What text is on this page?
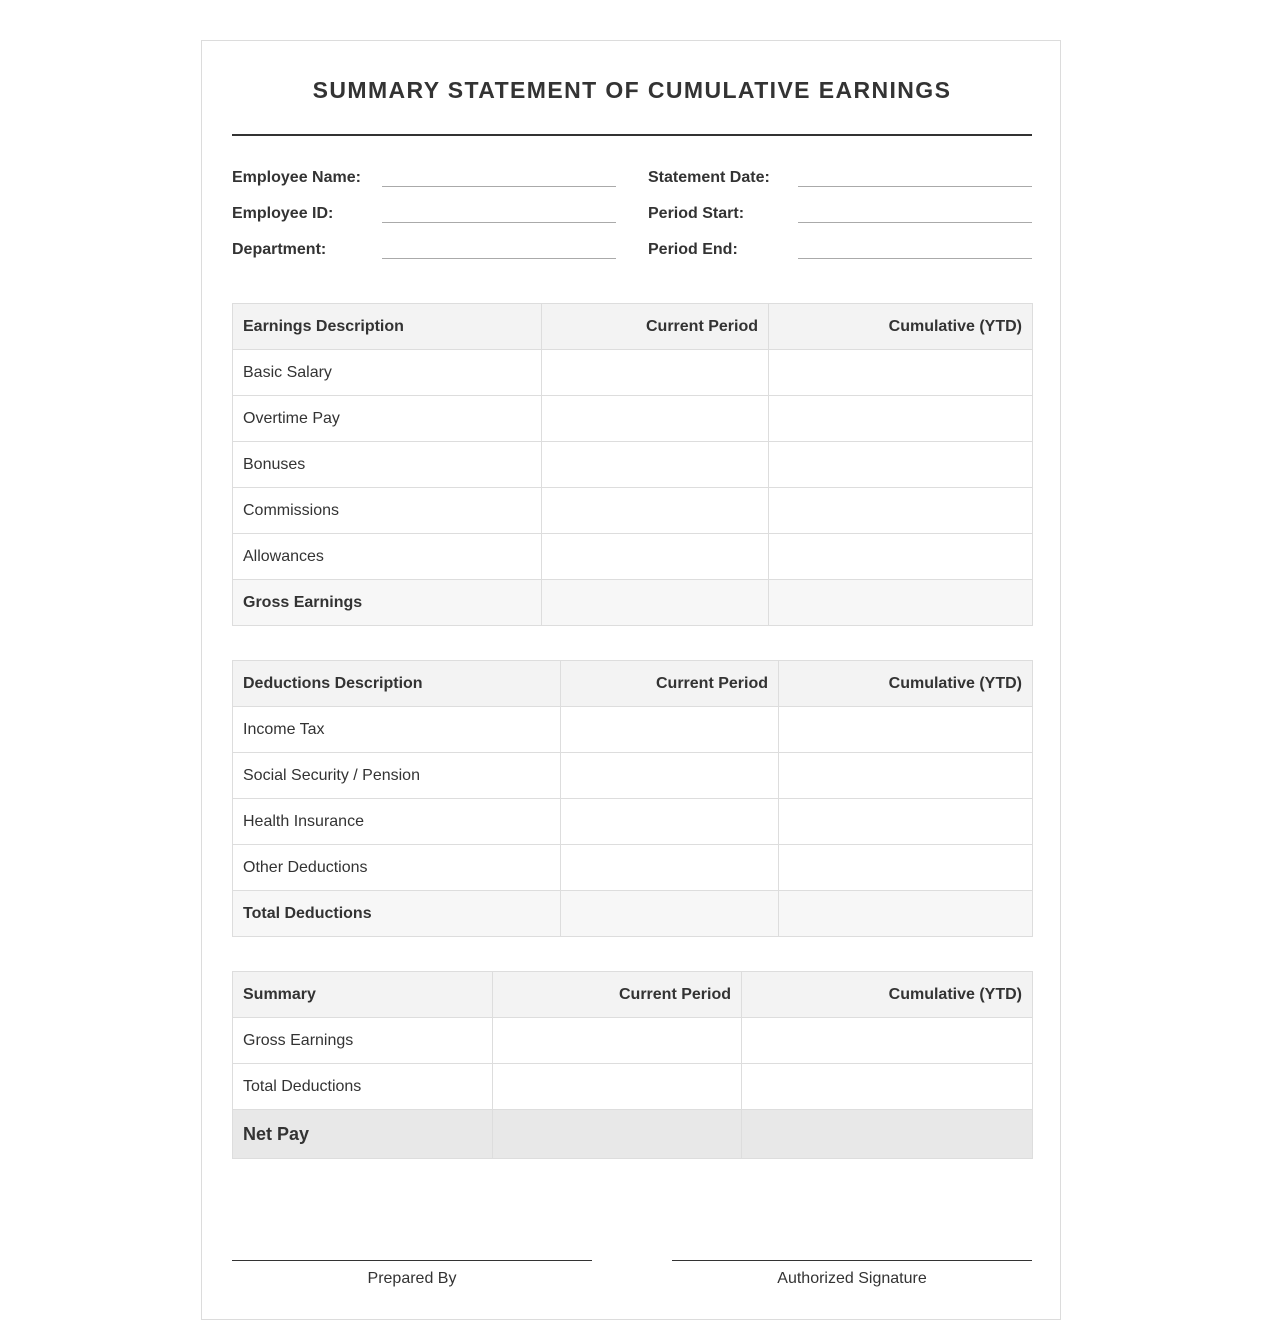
SUMMARY STATEMENT OF CUMULATIVE EARNINGS
Employee Name:	Statement Date:
Employee ID:	Period Start:
Department:	Period End:
Earnings Description	Current Period	Cumulative (YTD)
Basic Salary		
Overtime Pay		
Bonuses		
Commissions		
Allowances		
Gross Earnings		
Deductions Description	Current Period	Cumulative (YTD)
Income Tax		
Social Security / Pension		
Health Insurance		
Other Deductions		
Total Deductions		
Summary	Current Period	Cumulative (YTD)
Gross Earnings		
Total Deductions		
Net Pay		
Prepared By	Authorized Signature
